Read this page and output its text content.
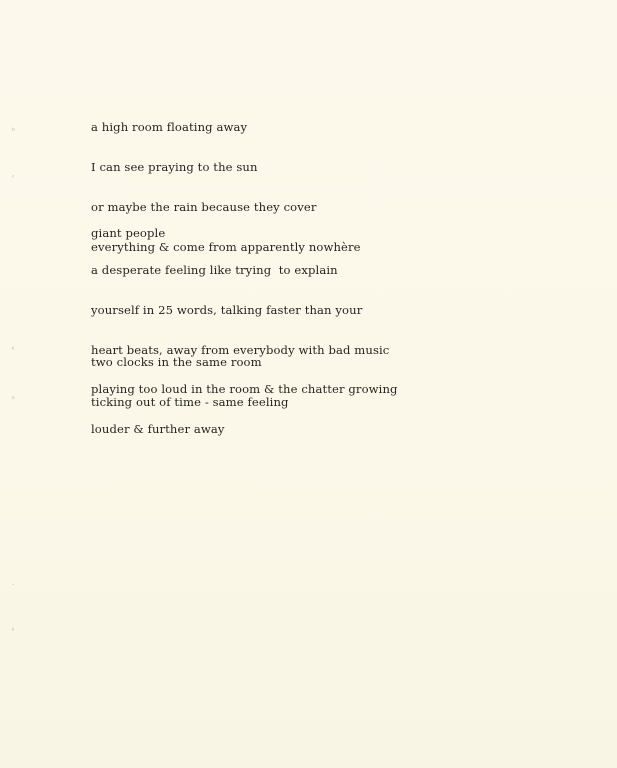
ᵇ
ᶜ
ᵏ
ᵉ
·
ᵏ

a high room floating away

I can see praying to the sun

or maybe the rain because they cover

everything & come from apparently nowhère

giant people

a desperate feeling like trying  to explain

yourself in 25 words, talking faster than your

heart beats, away from everybody with bad music

playing too loud in the room & the chatter growing

louder & further away

two clocks in the same room

ticking out of time - same feeling
